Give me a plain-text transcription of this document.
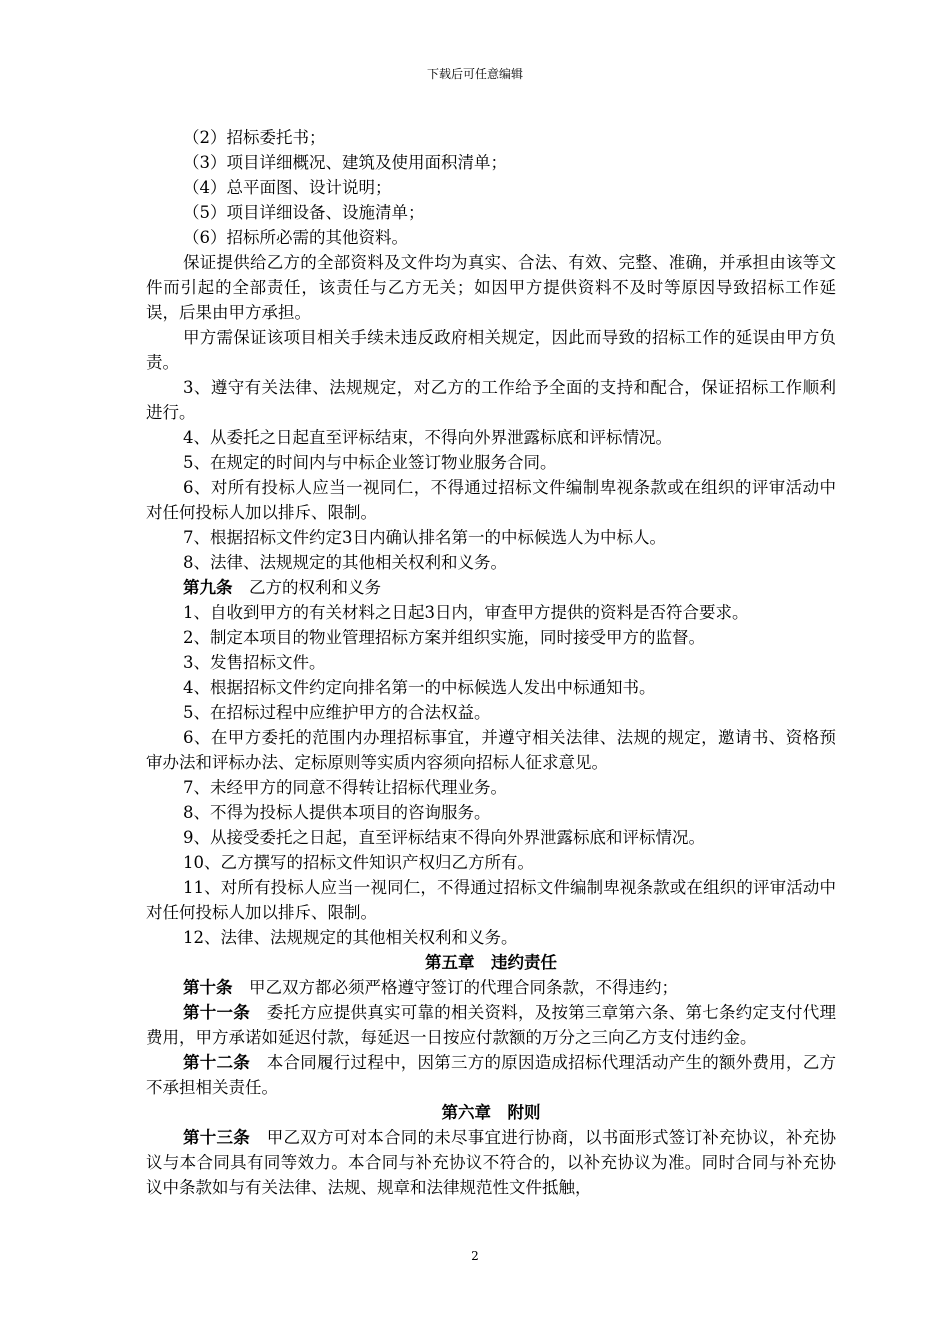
下载后可任意编辑

（2）招标委托书；

（3）项目详细概况、建筑及使用面积清单；

（4）总平面图、设计说明；

（5）项目详细设备、设施清单；

（6）招标所必需的其他资料。

保证提供给乙方的全部资料及文件均为真实、合法、有效、完整、准确，并承担由该等文件而引起的全部责任，该责任与乙方无关；如因甲方提供资料不及时等原因导致招标工作延误，后果由甲方承担。

甲方需保证该项目相关手续未违反政府相关规定，因此而导致的招标工作的延误由甲方负责。

3、遵守有关法律、法规规定，对乙方的工作给予全面的支持和配合，保证招标工作顺利进行。

4、从委托之日起直至评标结束，不得向外界泄露标底和评标情况。

5、在规定的时间内与中标企业签订物业服务合同。

6、对所有投标人应当一视同仁，不得通过招标文件编制卑视条款或在组织的评审活动中对任何投标人加以排斥、限制。

7、根据招标文件约定3日内确认排名第一的中标候选人为中标人。

8、法律、法规规定的其他相关权利和义务。

第九条　 乙方的权利和义务

1、自收到甲方的有关材料之日起3日内，审查甲方提供的资料是否符合要求。

2、制定本项目的物业管理招标方案并组织实施，同时接受甲方的监督。

3、发售招标文件。

4、根据招标文件约定向排名第一的中标候选人发出中标通知书。

5、在招标过程中应维护甲方的合法权益。

6、在甲方委托的范围内办理招标事宜，并遵守相关法律、法规的规定，邀请书、资格预审办法和评标办法、定标原则等实质内容须向招标人征求意见。

7、未经甲方的同意不得转让招标代理业务。

8、不得为投标人提供本项目的咨询服务。

9、从接受委托之日起，直至评标结束不得向外界泄露标底和评标情况。

10、乙方撰写的招标文件知识产权归乙方所有。

11、对所有投标人应当一视同仁，不得通过招标文件编制卑视条款或在组织的评审活动中对任何投标人加以排斥、限制。

12、法律、法规规定的其他相关权利和义务。

第五章　违约责任

第十条　 甲乙双方都必须严格遵守签订的代理合同条款，不得违约；

第十一条　 委托方应提供真实可靠的相关资料，及按第三章第六条、第七条约定支付代理费用，甲方承诺如延迟付款，每延迟一日按应付款额的万分之三向乙方支付违约金。

第十二条　 本合同履行过程中，因第三方的原因造成招标代理活动产生的额外费用，乙方不承担相关责任。

第六章　附则

第十三条　 甲乙双方可对本合同的未尽事宜进行协商，以书面形式签订补充协议，补充协议与本合同具有同等效力。本合同与补充协议不符合的，以补充协议为准。同时合同与补充协议中条款如与有关法律、法规、规章和法律规范性文件抵触，

2
